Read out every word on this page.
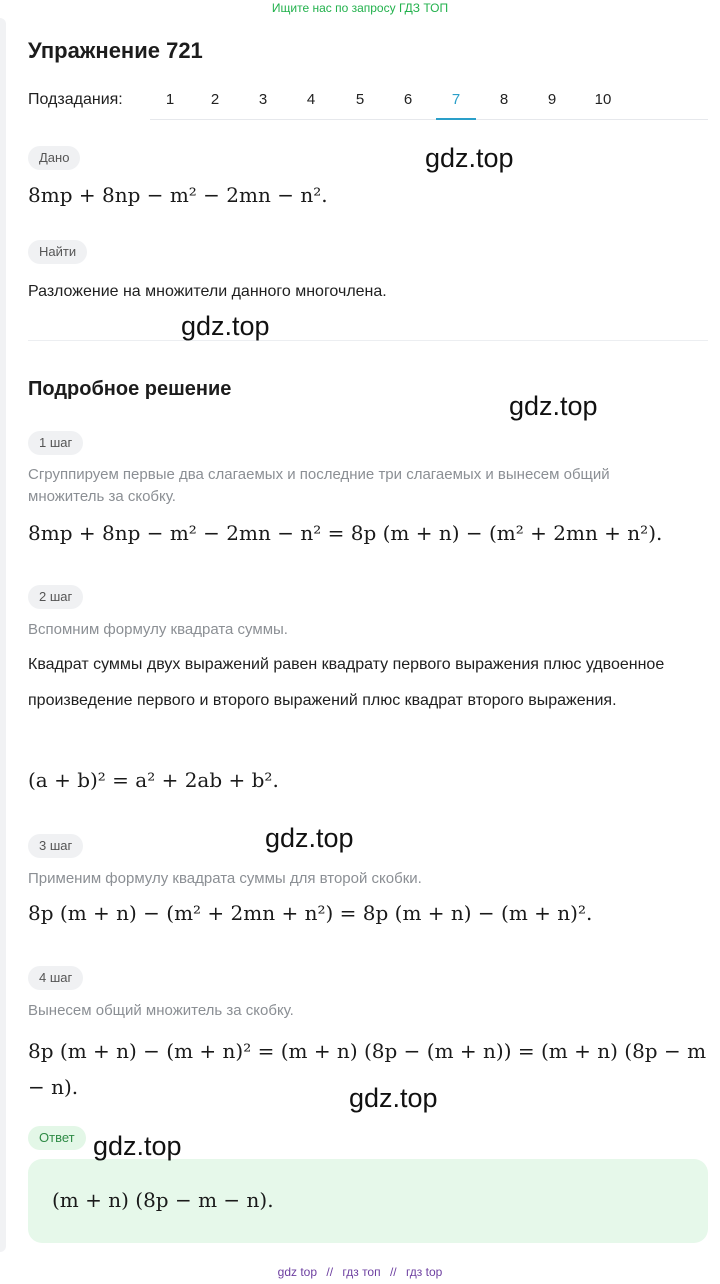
Ищите нас по запросу ГДЗ ТОП
Упражнение 721
Подзадания:	1	2	3	4	5	6	7	8	9	10
Дано
8mp + 8np − m² − 2mn − n².
Найти
Разложение на множители данного многочлена.
Подробное решение
1 шаг
Сгруппируем первые два слагаемых и последние три слагаемых и вынесем общий множитель за скобку.
8mp + 8np − m² − 2mn − n² = 8p (m + n) − (m² + 2mn + n²).
2 шаг
Вспомним формулу квадрата суммы.
Квадрат суммы двух выражений равен квадрату первого выражения плюс удвоенное произведение первого и второго выражений плюс квадрат второго выражения.
(a + b)² = a² + 2ab + b².
3 шаг
Применим формулу квадрата суммы для второй скобки.
8p (m + n) − (m² + 2mn + n²) = 8p (m + n) − (m + n)².
4 шаг
Вынесем общий множитель за скобку.
8p (m + n) − (m + n)² = (m + n) (8p − (m + n)) = (m + n) (8p − m − n).
Ответ
(m + n) (8p − m − n).
gdz.top
gdz.top
gdz.top
gdz.top
gdz.top
gdz.top
gdz top // гдз топ // гдз top
